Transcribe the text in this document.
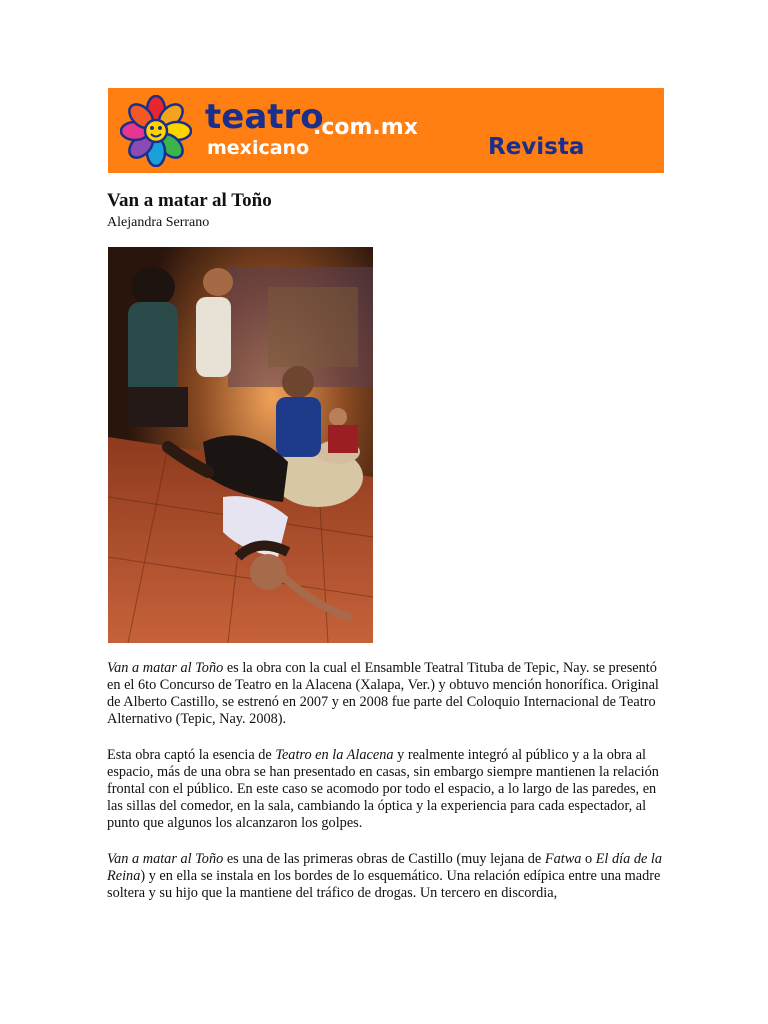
teatro
.com.mx
mexicano	Revista
Van a matar al Toño
Alejandra Serrano

Van a matar al Toño es la obra con la cual el Ensamble Teatral Tituba de Tepic, Nay. se presentó en el 6to Concurso de Teatro en la Alacena (Xalapa, Ver.) y obtuvo mención honorífica. Original de Alberto Castillo, se estrenó en 2007 y en 2008 fue parte del Coloquio Internacional de Teatro Alternativo (Tepic, Nay. 2008).

Esta obra captó la esencia de Teatro en la Alacena y realmente integró al público y a la obra al espacio, más de una obra se han presentado en casas, sin embargo siempre mantienen la relación frontal con el público. En este caso se acomodo por todo el espacio, a lo largo de las paredes, en las sillas del comedor, en la sala, cambiando la óptica y la experiencia para cada espectador, al punto que algunos los alcanzaron los golpes.

Van a matar al Toño es una de las primeras obras de Castillo (muy lejana de Fatwa o El día de la Reina) y en ella se instala en los bordes de lo esquemático. Una relación edípica entre una madre soltera y su hijo que la mantiene del tráfico de drogas. Un tercero en discordia,
